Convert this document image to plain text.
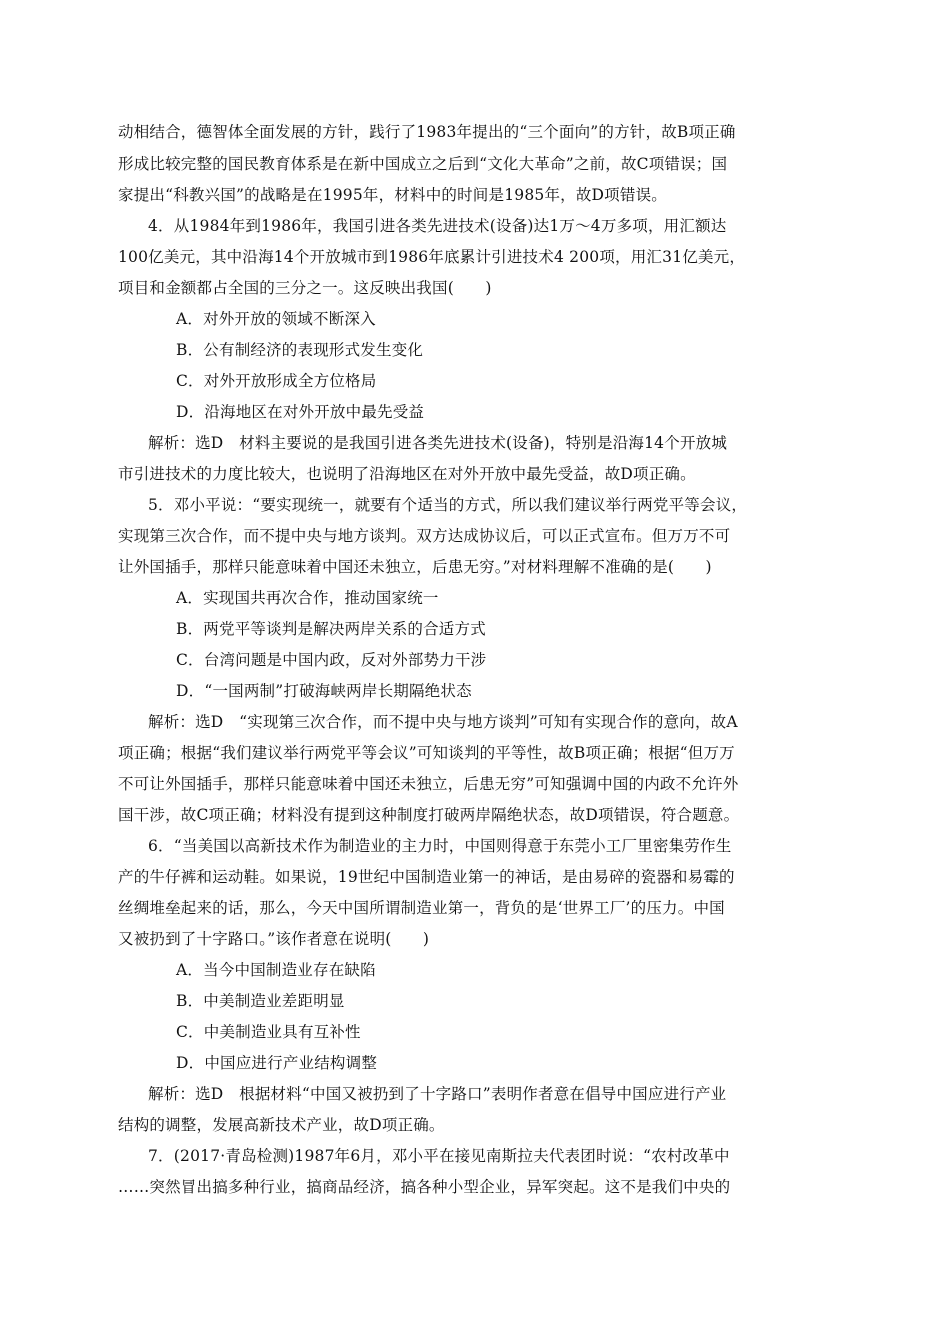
动相结合，德智体全面发展的方针，践行了1983年提出的“三个面向”的方针，故B项正确
形成比较完整的国民教育体系是在新中国成立之后到“文化大革命”之前，故C项错误；国
家提出“科教兴国”的战略是在1995年，材料中的时间是1985年，故D项错误。
4．从1984年到1986年，我国引进各类先进技术(设备)达1万～4万多项，用汇额达
100亿美元，其中沿海14个开放城市到1986年底累计引进技术4 200项，用汇31亿美元，
项目和金额都占全国的三分之一。这反映出我国(　　)
A．对外开放的领域不断深入
B．公有制经济的表现形式发生变化
C．对外开放形成全方位格局
D．沿海地区在对外开放中最先受益
解析：选D　材料主要说的是我国引进各类先进技术(设备)，特别是沿海14个开放城
市引进技术的力度比较大，也说明了沿海地区在对外开放中最先受益，故D项正确。
5．邓小平说：“要实现统一，就要有个适当的方式，所以我们建议举行两党平等会议，
实现第三次合作，而不提中央与地方谈判。双方达成协议后，可以正式宣布。但万万不可
让外国插手，那样只能意味着中国还未独立，后患无穷。”对材料理解不准确的是(　　)
A．实现国共再次合作，推动国家统一
B．两党平等谈判是解决两岸关系的合适方式
C．台湾问题是中国内政，反对外部势力干涉
D．“一国两制”打破海峡两岸长期隔绝状态
解析：选D　“实现第三次合作，而不提中央与地方谈判”可知有实现合作的意向，故A
项正确；根据“我们建议举行两党平等会议”可知谈判的平等性，故B项正确；根据“但万万
不可让外国插手，那样只能意味着中国还未独立，后患无穷”可知强调中国的内政不允许外
国干涉，故C项正确；材料没有提到这种制度打破两岸隔绝状态，故D项错误，符合题意。
6．“当美国以高新技术作为制造业的主力时，中国则得意于东莞小工厂里密集劳作生
产的牛仔裤和运动鞋。如果说，19世纪中国制造业第一的神话，是由易碎的瓷器和易霉的
丝绸堆垒起来的话，那么，今天中国所谓制造业第一，背负的是‘世界工厂’的压力。中国
又被扔到了十字路口。”该作者意在说明(　　)
A．当今中国制造业存在缺陷
B．中美制造业差距明显
C．中美制造业具有互补性
D．中国应进行产业结构调整
解析：选D　根据材料“中国又被扔到了十字路口”表明作者意在倡导中国应进行产业
结构的调整，发展高新技术产业，故D项正确。
7．(2017·青岛检测)1987年6月，邓小平在接见南斯拉夫代表团时说：“农村改革中
……突然冒出搞多种行业，搞商品经济，搞各种小型企业，异军突起。这不是我们中央的
